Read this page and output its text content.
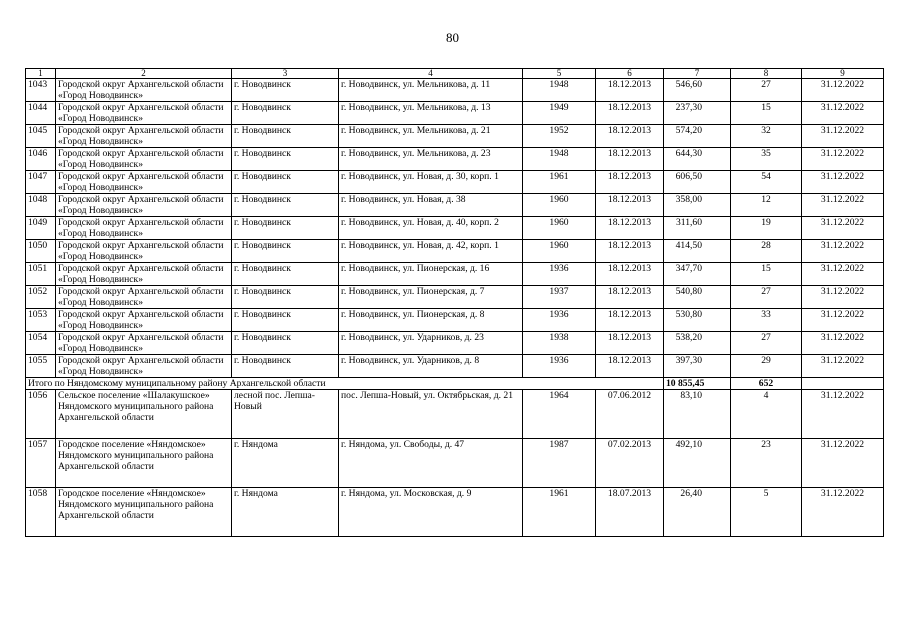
80
1	2	3	4	5	6	7	8	9
1043	Городской округ Архангельской области «Город Новодвинск»	г. Новодвинск	г. Новодвинск, ул. Мельникова, д. 11	1948	18.12.2013	546,60	27	31.12.2022
1044	Городской округ Архангельской области «Город Новодвинск»	г. Новодвинск	г. Новодвинск, ул. Мельникова, д. 13	1949	18.12.2013	237,30	15	31.12.2022
1045	Городской округ Архангельской области «Город Новодвинск»	г. Новодвинск	г. Новодвинск, ул. Мельникова, д. 21	1952	18.12.2013	574,20	32	31.12.2022
1046	Городской округ Архангельской области «Город Новодвинск»	г. Новодвинск	г. Новодвинск, ул. Мельникова, д. 23	1948	18.12.2013	644,30	35	31.12.2022
1047	Городской округ Архангельской области «Город Новодвинск»	г. Новодвинск	г. Новодвинск, ул. Новая, д. 30, корп. 1	1961	18.12.2013	606,50	54	31.12.2022
1048	Городской округ Архангельской области «Город Новодвинск»	г. Новодвинск	г. Новодвинск, ул. Новая, д. 38	1960	18.12.2013	358,00	12	31.12.2022
1049	Городской округ Архангельской области «Город Новодвинск»	г. Новодвинск	г. Новодвинск, ул. Новая, д. 40, корп. 2	1960	18.12.2013	311,60	19	31.12.2022
1050	Городской округ Архангельской области «Город Новодвинск»	г. Новодвинск	г. Новодвинск, ул. Новая, д. 42, корп. 1	1960	18.12.2013	414,50	28	31.12.2022
1051	Городской округ Архангельской области «Город Новодвинск»	г. Новодвинск	г. Новодвинск, ул. Пионерская, д. 16	1936	18.12.2013	347,70	15	31.12.2022
1052	Городской округ Архангельской области «Город Новодвинск»	г. Новодвинск	г. Новодвинск, ул. Пионерская, д. 7	1937	18.12.2013	540,80	27	31.12.2022
1053	Городской округ Архангельской области «Город Новодвинск»	г. Новодвинск	г. Новодвинск, ул. Пионерская, д. 8	1936	18.12.2013	530,80	33	31.12.2022
1054	Городской округ Архангельской области «Город Новодвинск»	г. Новодвинск	г. Новодвинск, ул. Ударников, д. 23	1938	18.12.2013	538,20	27	31.12.2022
1055	Городской округ Архангельской области «Город Новодвинск»	г. Новодвинск	г. Новодвинск, ул. Ударников, д. 8	1936	18.12.2013	397,30	29	31.12.2022
Итого по Няндомскому муниципальному району Архангельской области						10 855,45	652	
1056	Сельское поселение «Шалакушское» Няндомского муниципального района Архангельской области	лесной пос. Лепша-Новый	пос. Лепша-Новый, ул. Октябрьская, д. 21	1964	07.06.2012	83,10	4	31.12.2022
1057	Городское поселение «Няндомское» Няндомского муниципального района Архангельской области	г. Няндома	г. Няндома, ул. Свободы, д. 47	1987	07.02.2013	492,10	23	31.12.2022
1058	Городское поселение «Няндомское» Няндомского муниципального района Архангельской области	г. Няндома	г. Няндома, ул. Московская, д. 9	1961	18.07.2013	26,40	5	31.12.2022
